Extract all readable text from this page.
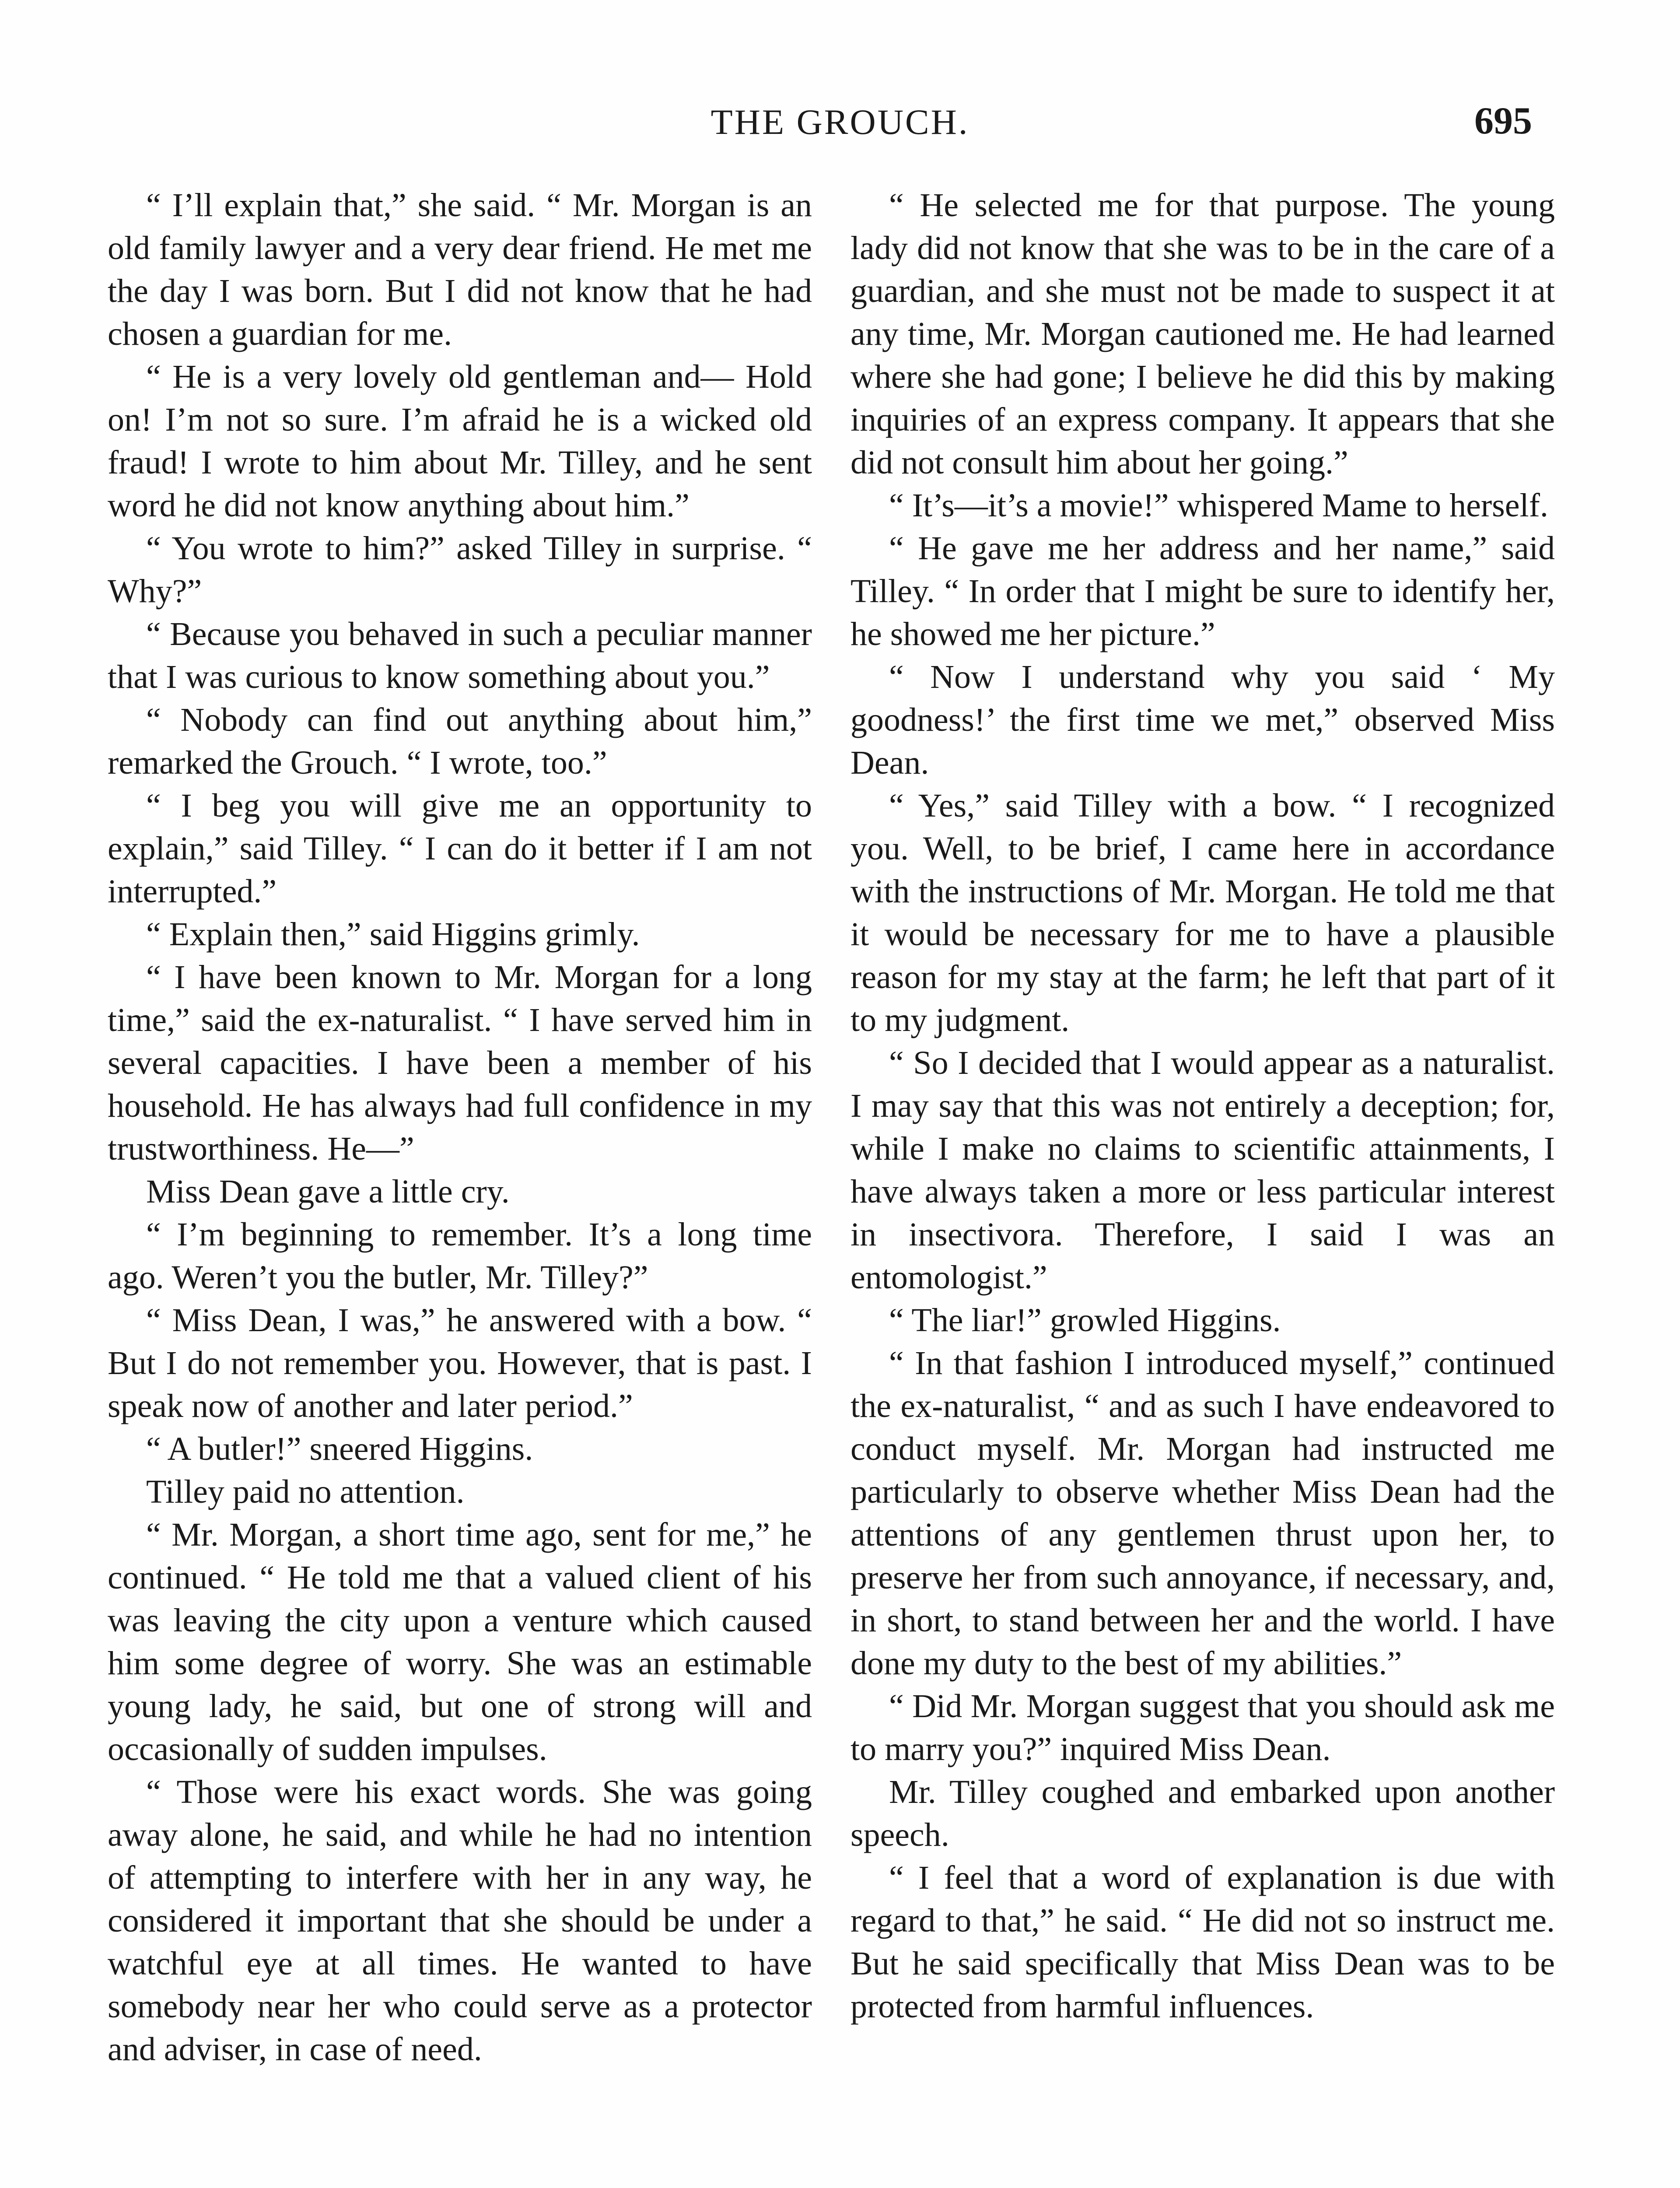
THE GROUCH.	695

“ I’ll explain that,” she said. “ Mr. Morgan is an old family lawyer and a very dear friend. He met me the day I was born. But I did not know that he had chosen a guardian for me.

“ He is a very lovely old gentleman and— Hold on! I’m not so sure. I’m afraid he is a wicked old fraud! I wrote to him about Mr. Tilley, and he sent word he did not know anything about him.”

“ You wrote to him?” asked Tilley in surprise. “ Why?”

“ Because you behaved in such a peculiar manner that I was curious to know something about you.”

“ Nobody can find out anything about him,” remarked the Grouch. “ I wrote, too.”

“ I beg you will give me an opportunity to explain,” said Tilley. “ I can do it better if I am not interrupted.”

“ Explain then,” said Higgins grimly.

“ I have been known to Mr. Morgan for a long time,” said the ex-naturalist. “ I have served him in several capacities. I have been a member of his household. He has always had full confidence in my trustworthiness. He—”

Miss Dean gave a little cry.

“ I’m beginning to remember. It’s a long time ago. Weren’t you the butler, Mr. Tilley?”

“ Miss Dean, I was,” he answered with a bow. “ But I do not remember you. However, that is past. I speak now of another and later period.”

“ A butler!” sneered Higgins.

Tilley paid no attention.

“ Mr. Morgan, a short time ago, sent for me,” he continued. “ He told me that a valued client of his was leaving the city upon a venture which caused him some degree of worry. She was an estimable young lady, he said, but one of strong will and occasionally of sudden impulses.

“ Those were his exact words. She was going away alone, he said, and while he had no intention of attempting to interfere with her in any way, he considered it important that she should be under a watchful eye at all times. He wanted to have somebody near her who could serve as a protector and adviser, in case of need.

“ He selected me for that purpose. The young lady did not know that she was to be in the care of a guardian, and she must not be made to suspect it at any time, Mr. Morgan cautioned me. He had learned where she had gone; I believe he did this by making inquiries of an express company. It appears that she did not consult him about her going.”

“ It’s—it’s a movie!” whispered Mame to herself.

“ He gave me her address and her name,” said Tilley. “ In order that I might be sure to identify her, he showed me her picture.”

“ Now I understand why you said ‘ My goodness!’ the first time we met,” observed Miss Dean.

“ Yes,” said Tilley with a bow. “ I recognized you. Well, to be brief, I came here in accordance with the instructions of Mr. Morgan. He told me that it would be necessary for me to have a plausible reason for my stay at the farm; he left that part of it to my judgment.

“ So I decided that I would appear as a naturalist. I may say that this was not entirely a deception; for, while I make no claims to scientific attainments, I have always taken a more or less particular interest in insectivora. Therefore, I said I was an entomologist.”

“ The liar!” growled Higgins.

“ In that fashion I introduced myself,” continued the ex-naturalist, “ and as such I have endeavored to conduct myself. Mr. Morgan had instructed me particularly to observe whether Miss Dean had the attentions of any gentlemen thrust upon her, to preserve her from such annoyance, if necessary, and, in short, to stand between her and the world. I have done my duty to the best of my abilities.”

“ Did Mr. Morgan suggest that you should ask me to marry you?” inquired Miss Dean.

Mr. Tilley coughed and embarked upon another speech.

“ I feel that a word of explanation is due with regard to that,” he said. “ He did not so instruct me. But he said specifically that Miss Dean was to be protected from harmful influences.
